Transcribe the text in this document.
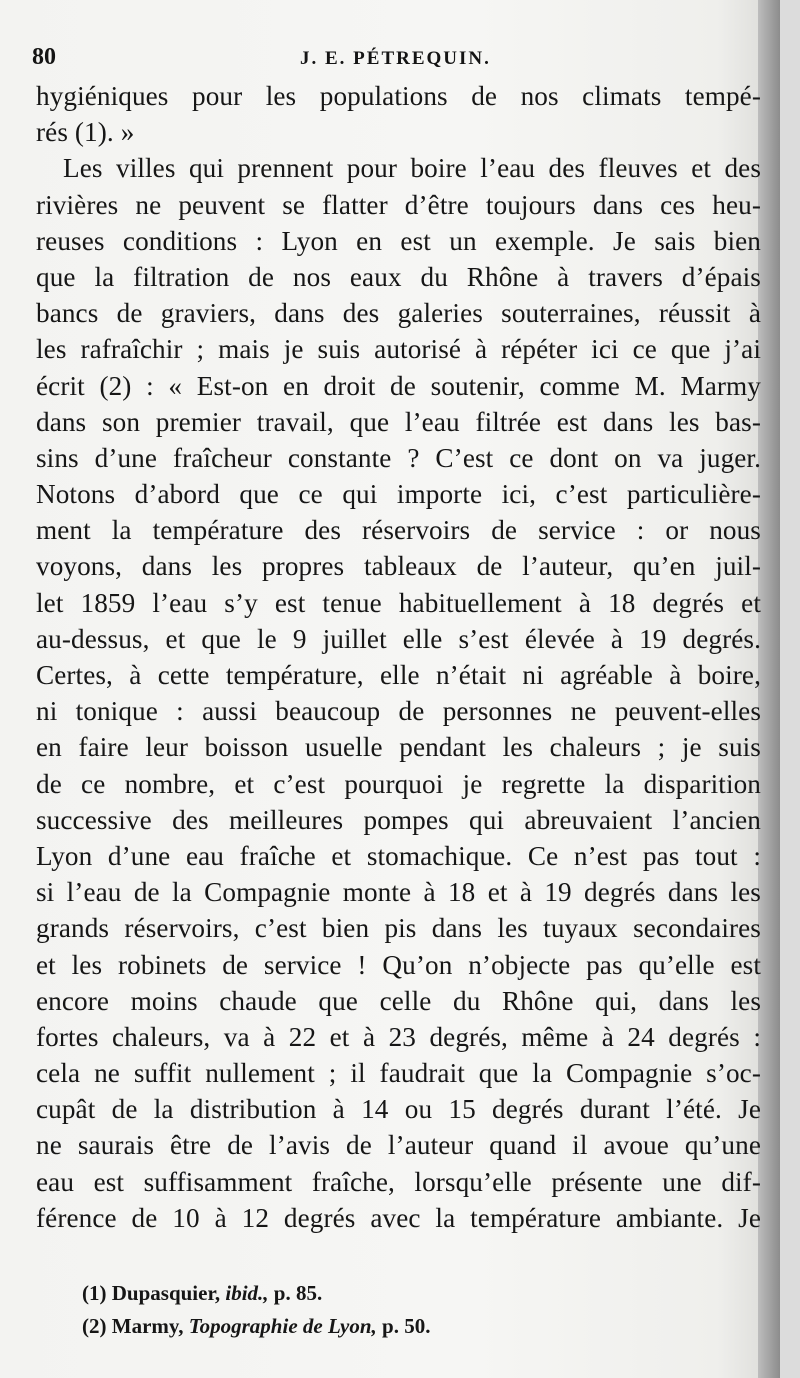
80	J. E. PÉTREQUIN.
hygiéniques pour les populations de nos climats tempé-
rés (1). »
Les villes qui prennent pour boire l’eau des fleuves et des
rivières ne peuvent se flatter d’être toujours dans ces heu-
reuses conditions : Lyon en est un exemple. Je sais bien
que la filtration de nos eaux du Rhône à travers d’épais
bancs de graviers, dans des galeries souterraines, réussit à
les rafraîchir ; mais je suis autorisé à répéter ici ce que j’ai
écrit (2) : « Est-on en droit de soutenir, comme M. Marmy
dans son premier travail, que l’eau filtrée est dans les bas-
sins d’une fraîcheur constante ? C’est ce dont on va juger.
Notons d’abord que ce qui importe ici, c’est particulière-
ment la température des réservoirs de service : or nous
voyons, dans les propres tableaux de l’auteur, qu’en juil-
let 1859 l’eau s’y est tenue habituellement à 18 degrés et
au-dessus, et que le 9 juillet elle s’est élevée à 19 degrés.
Certes, à cette température, elle n’était ni agréable à boire,
ni tonique : aussi beaucoup de personnes ne peuvent-elles
en faire leur boisson usuelle pendant les chaleurs ; je suis
de ce nombre, et c’est pourquoi je regrette la disparition
successive des meilleures pompes qui abreuvaient l’ancien
Lyon d’une eau fraîche et stomachique. Ce n’est pas tout :
si l’eau de la Compagnie monte à 18 et à 19 degrés dans les
grands réservoirs, c’est bien pis dans les tuyaux secondaires
et les robinets de service ! Qu’on n’objecte pas qu’elle est
encore moins chaude que celle du Rhône qui, dans les
fortes chaleurs, va à 22 et à 23 degrés, même à 24 degrés :
cela ne suffit nullement ; il faudrait que la Compagnie s’oc-
cupât de la distribution à 14 ou 15 degrés durant l’été. Je
ne saurais être de l’avis de l’auteur quand il avoue qu’une
eau est suffisamment fraîche, lorsqu’elle présente une dif-
férence de 10 à 12 degrés avec la température ambiante. Je
(1) Dupasquier, ibid., p. 85.
(2) Marmy, Topographie de Lyon, p. 50.
